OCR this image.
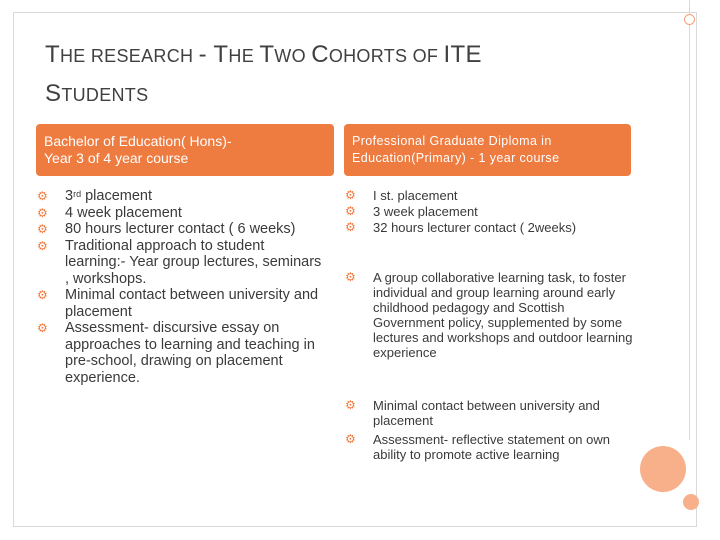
THE RESEARCH - THE TWO COHORTS OF ITE
STUDENTS
Bachelor of Education( Hons)-
Year 3 of 4 year course
Professional Graduate Diploma in
Education(Primary) - 1 year course
⚙ 3rd placement
⚙ 4 week placement
⚙ 80 hours lecturer contact ( 6 weeks)
⚙ Traditional approach to student learning:- Year group lectures, seminars , workshops.
⚙ Minimal contact between university and placement
⚙ Assessment- discursive essay on approaches to learning and teaching in pre-school, drawing on placement experience.
⚙ I st. placement
⚙ 3 week placement
⚙ 32 hours lecturer contact ( 2weeks)
⚙ A group collaborative learning task, to foster individual and group learning around early childhood pedagogy and Scottish Government policy, supplemented by some lectures and workshops and outdoor learning experience
⚙ Minimal contact between university and placement
⚙ Assessment- reflective statement on own ability to promote active learning
